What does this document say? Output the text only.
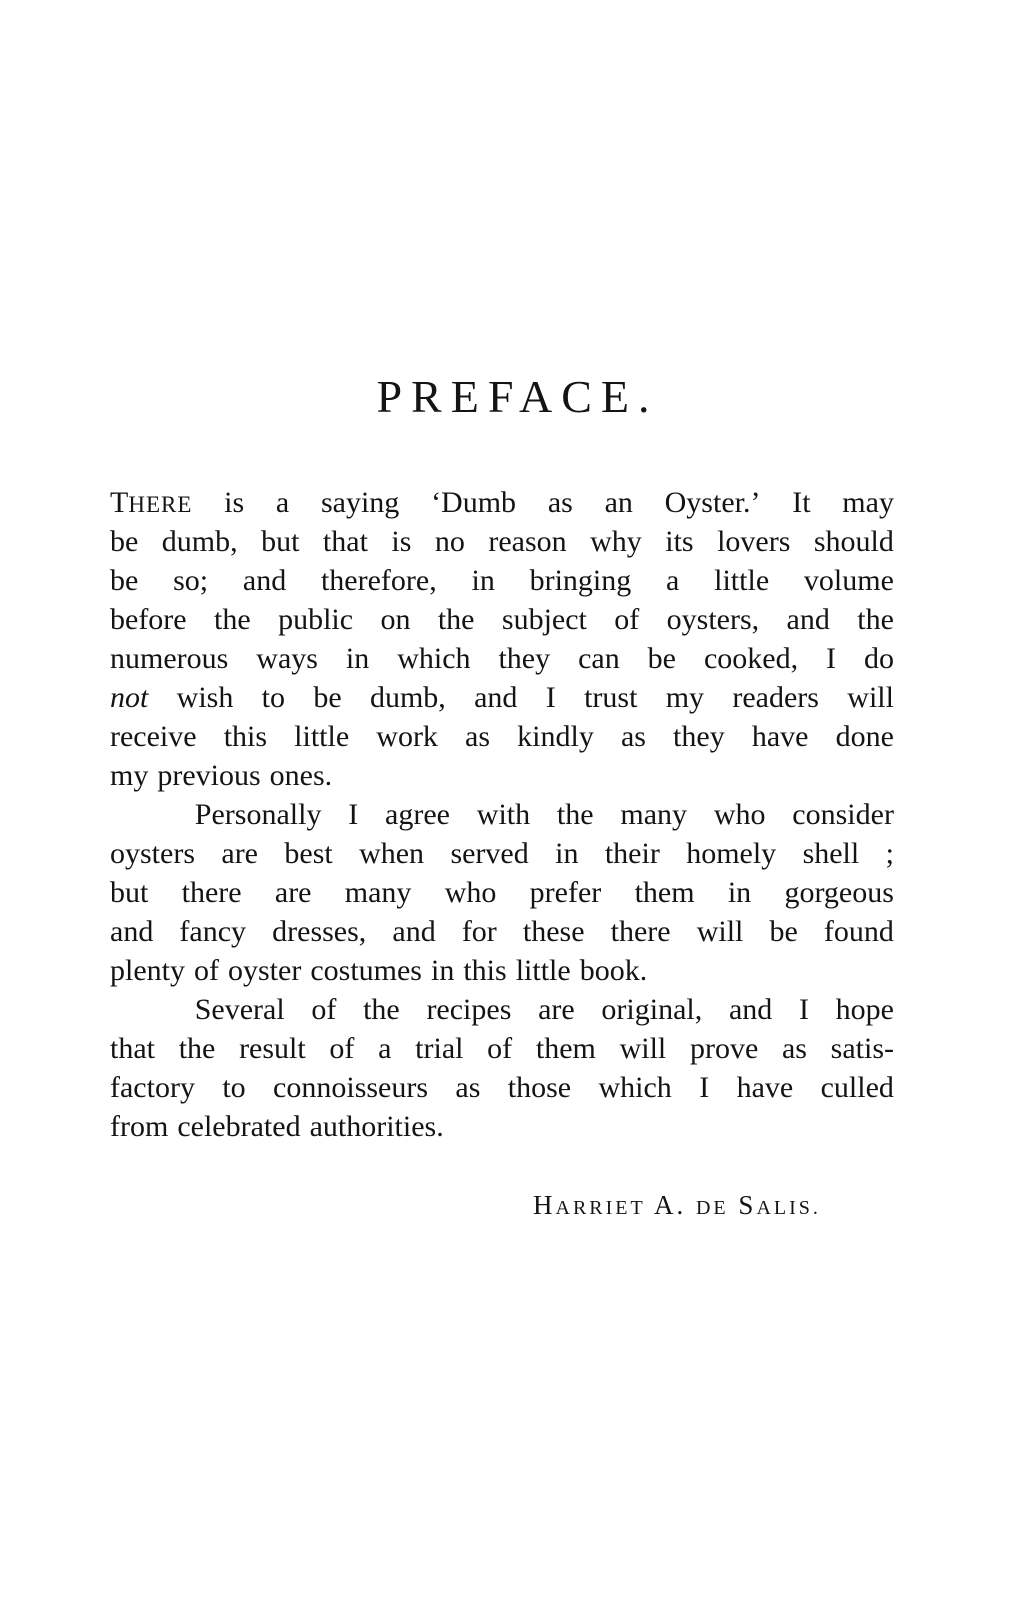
PREFACE.
THERE is a saying ‘Dumb as an Oyster.’ It may
be dumb, but that is no reason why its lovers should
be so; and therefore, in bringing a little volume
before the public on the subject of oysters, and the
numerous ways in which they can be cooked, I do
not wish to be dumb, and I trust my readers will
receive this little work as kindly as they have done
my previous ones.
Personally I agree with the many who consider
oysters are best when served in their homely shell ;
but there are many who prefer them in gorgeous
and fancy dresses, and for these there will be found
plenty of oyster costumes in this little book.
Several of the recipes are original, and I hope
that the result of a trial of them will prove as satis-
factory to connoisseurs as those which I have culled
from celebrated authorities.
HARRIET A. DE SALIS.
